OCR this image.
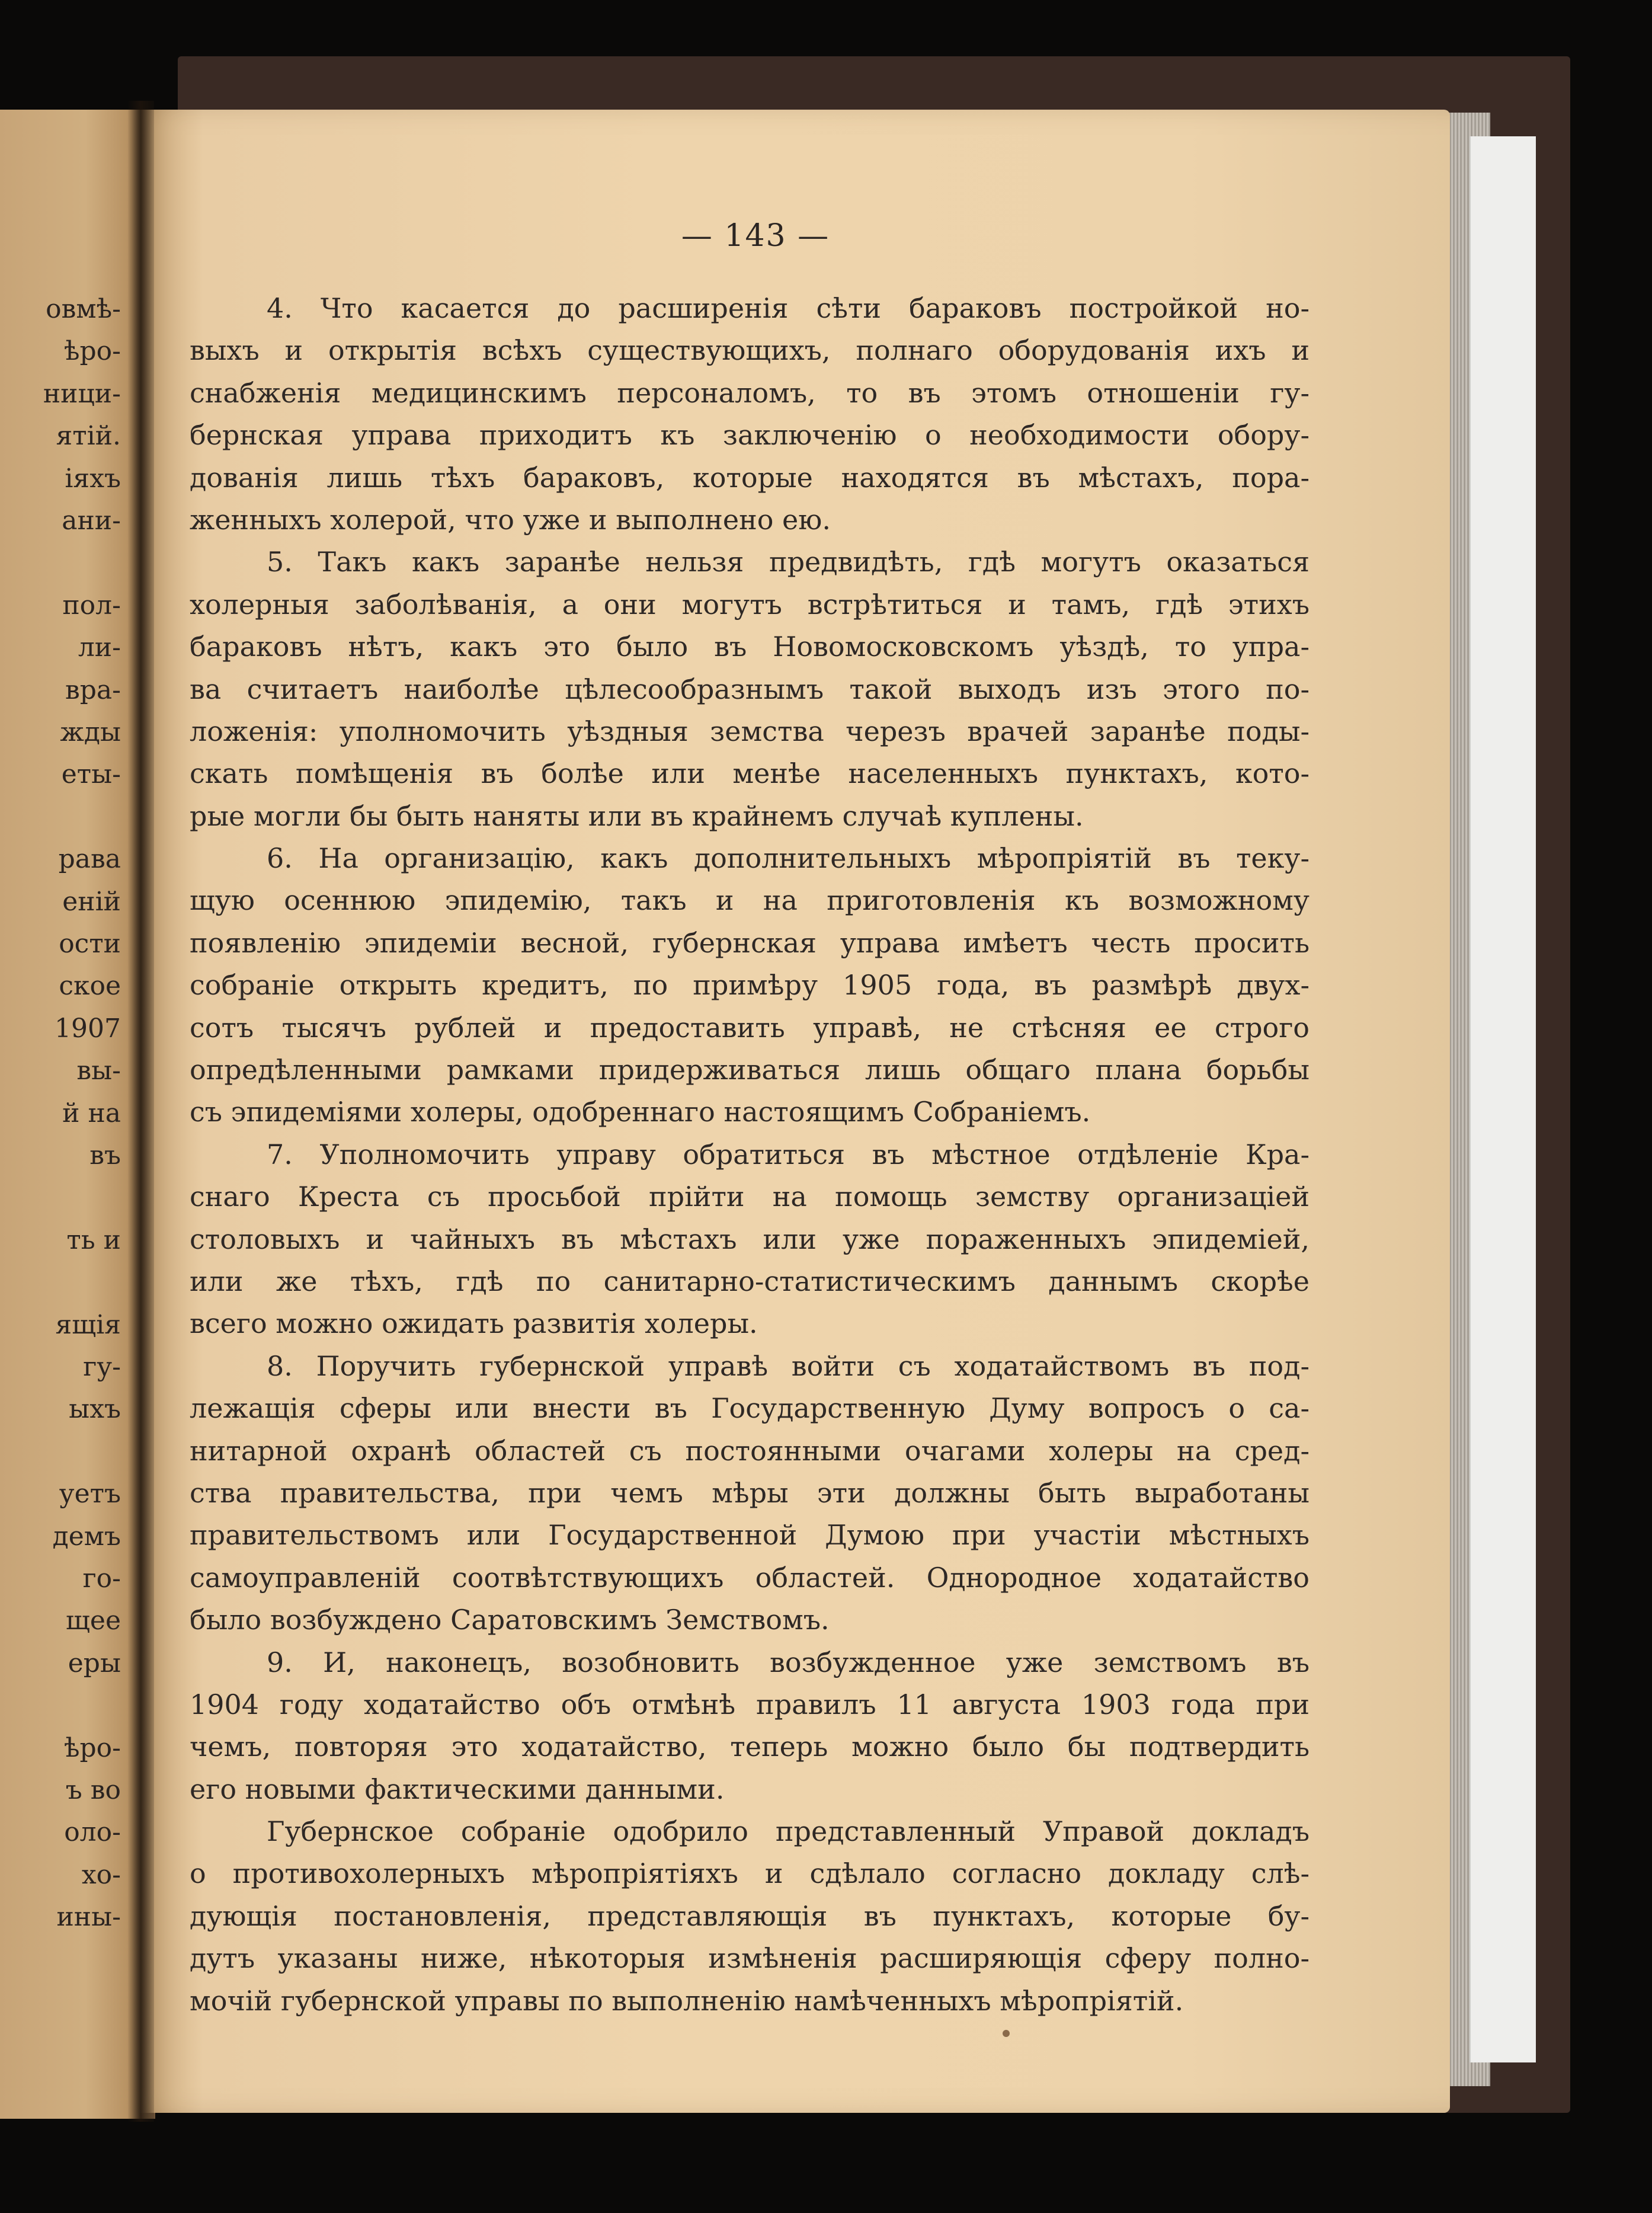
овмѣ-
ѣро-
ници-
ятій.
іяхъ
ани-
пол-
ли-
вра-
жды
еты-
рава
еній
ости
ское
1907
вы-
й на
въ
ть и
ящія
гу-
ыхъ
уетъ
демъ
го-
щее
еры
ѣро-
ъ во
оло-
хо-
ины-
— 143 —
4. Что касается до расширенія сѣти бараковъ постройкой но-
выхъ и открытія всѣхъ существующихъ, полнаго оборудованія ихъ и
снабженія медицинскимъ персоналомъ, то въ этомъ отношеніи гу-
бернская управа приходитъ къ заключенію о необходимости обору-
дованія лишь тѣхъ бараковъ, которые находятся въ мѣстахъ, пора-
женныхъ холерой, что уже и выполнено ею.
5. Такъ какъ заранѣе нельзя предвидѣть, гдѣ могутъ оказаться
холерныя заболѣванія, а они могутъ встрѣтиться и тамъ, гдѣ этихъ
бараковъ нѣтъ, какъ это было въ Новомосковскомъ уѣздѣ, то упра-
ва считаетъ наиболѣе цѣлесообразнымъ такой выходъ изъ этого по-
ложенія: уполномочить уѣздныя земства черезъ врачей заранѣе поды-
скать помѣщенія въ болѣе или менѣе населенныхъ пунктахъ, кото-
рые могли бы быть наняты или въ крайнемъ случаѣ куплены.
6. На организацію, какъ дополнительныхъ мѣропріятій въ теку-
щую осеннюю эпидемію, такъ и на приготовленія къ возможному
появленію эпидеміи весной, губернская управа имѣетъ честь просить
собраніе открыть кредитъ, по примѣру 1905 года, въ размѣрѣ двух-
сотъ тысячъ рублей и предоставить управѣ, не стѣсняя ее строго
опредѣленными рамками придерживаться лишь общаго плана борьбы
съ эпидеміями холеры, одобреннаго настоящимъ Собраніемъ.
7. Уполномочить управу обратиться въ мѣстное отдѣленіе Кра-
снаго Креста съ просьбой прійти на помощь земству организаціей
столовыхъ и чайныхъ въ мѣстахъ или уже пораженныхъ эпидеміей,
или же тѣхъ, гдѣ по санитарно-статистическимъ даннымъ скорѣе
всего можно ожидать развитія холеры.
8. Поручить губернской управѣ войти съ ходатайствомъ въ под-
лежащія сферы или внести въ Государственную Думу вопросъ о са-
нитарной охранѣ областей съ постоянными очагами холеры на сред-
ства правительства, при чемъ мѣры эти должны быть выработаны
правительствомъ или Государственной Думою при участіи мѣстныхъ
самоуправленій соотвѣтствующихъ областей. Однородное ходатайство
было возбуждено Саратовскимъ Земствомъ.
9. И, наконецъ, возобновить возбужденное уже земствомъ въ
1904 году ходатайство объ отмѣнѣ правилъ 11 августа 1903 года при
чемъ, повторяя это ходатайство, теперь можно было бы подтвердить
его новыми фактическими данными.
Губернское собраніе одобрило представленный Управой докладъ
о противохолерныхъ мѣропріятіяхъ и сдѣлало согласно докладу слѣ-
дующія постановленія, представляющія въ пунктахъ, которые бу-
дутъ указаны ниже, нѣкоторыя измѣненія расширяющія сферу полно-
мочій губернской управы по выполненію намѣченныхъ мѣропріятій.
